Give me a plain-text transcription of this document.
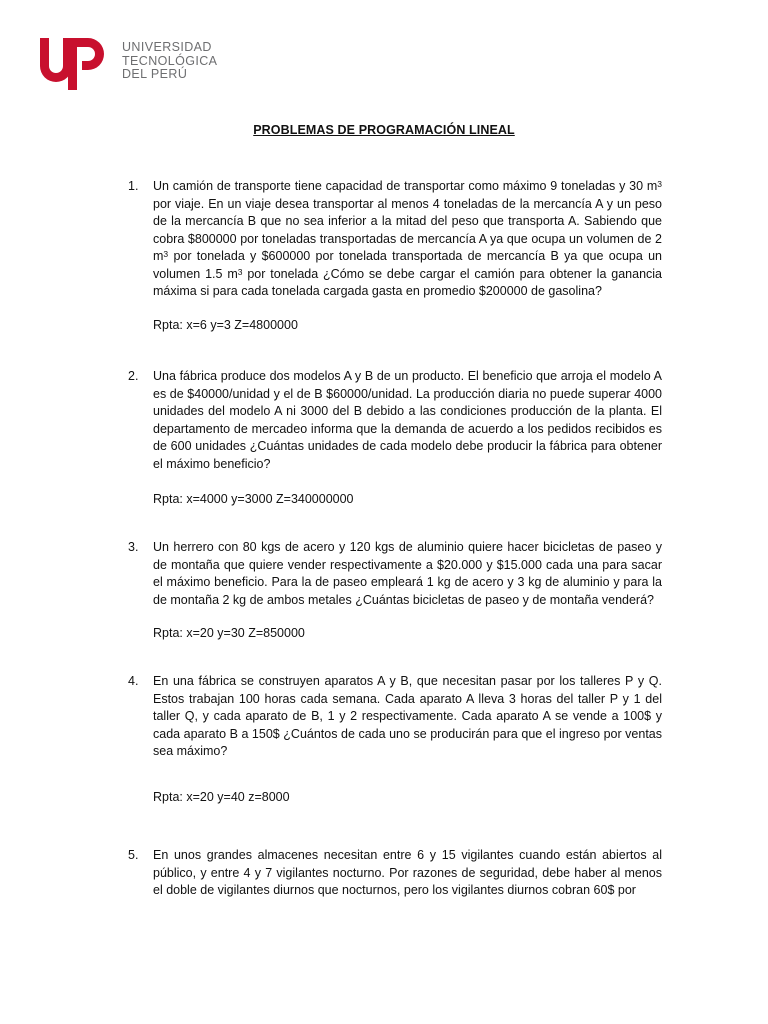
UNIVERSIDAD
TECNOLÓGICA
DEL PERÚ
PROBLEMAS DE PROGRAMACIÓN LINEAL
1. Un camión de transporte tiene capacidad de transportar como máximo 9 toneladas y 30 $m^3$ por viaje. En un viaje desea transportar al menos 4 toneladas de la mercancía A y un peso de la mercancía B que no sea inferior a la mitad del peso que transporta A. Sabiendo que cobra $800000 por toneladas transportadas de mercancía A ya que ocupa un volumen de 2 $m^3$ por tonelada y $600000 por tonelada transportada de mercancía B ya que ocupa un volumen 1.5 $m^3$ por tonelada ¿Cómo se debe cargar el camión para obtener la ganancia máxima si para cada tonelada cargada gasta en promedio $200000 de gasolina?
Rpta: x=6 y=3 Z=4800000
2. Una fábrica produce dos modelos A y B de un producto. El beneficio que arroja el modelo A es de $40000/unidad y el de B $60000/unidad. La producción diaria no puede superar 4000 unidades del modelo A ni 3000 del B debido a las condiciones producción de la planta. El departamento de mercadeo informa que la demanda de acuerdo a los pedidos recibidos es de 600 unidades ¿Cuántas unidades de cada modelo debe producir la fábrica para obtener el máximo beneficio?
Rpta: x=4000 y=3000 Z=340000000
3. Un herrero con 80 kgs de acero y 120 kgs de aluminio quiere hacer bicicletas de paseo y de montaña que quiere vender respectivamente a $20.000 y $15.000 cada una para sacar el máximo beneficio. Para la de paseo empleará 1 kg de acero y 3 kg de aluminio y para la de montaña 2 kg de ambos metales ¿Cuántas bicicletas de paseo y de montaña venderá?
Rpta: x=20 y=30 Z=850000
4. En una fábrica se construyen aparatos A y B, que necesitan pasar por los talleres P y Q. Estos trabajan 100 horas cada semana. Cada aparato A lleva 3 horas del taller P y 1 del taller Q, y cada aparato de B, 1 y 2 respectivamente. Cada aparato A se vende a 100$ y cada aparato B a 150$ ¿Cuántos de cada uno se producirán para que el ingreso por ventas sea máximo?
Rpta: x=20 y=40 z=8000
5. En unos grandes almacenes necesitan entre 6 y 15 vigilantes cuando están abiertos al público, y entre 4 y 7 vigilantes nocturno. Por razones de seguridad, debe haber al menos el doble de vigilantes diurnos que nocturnos, pero los vigilantes diurnos cobran 60$ por
